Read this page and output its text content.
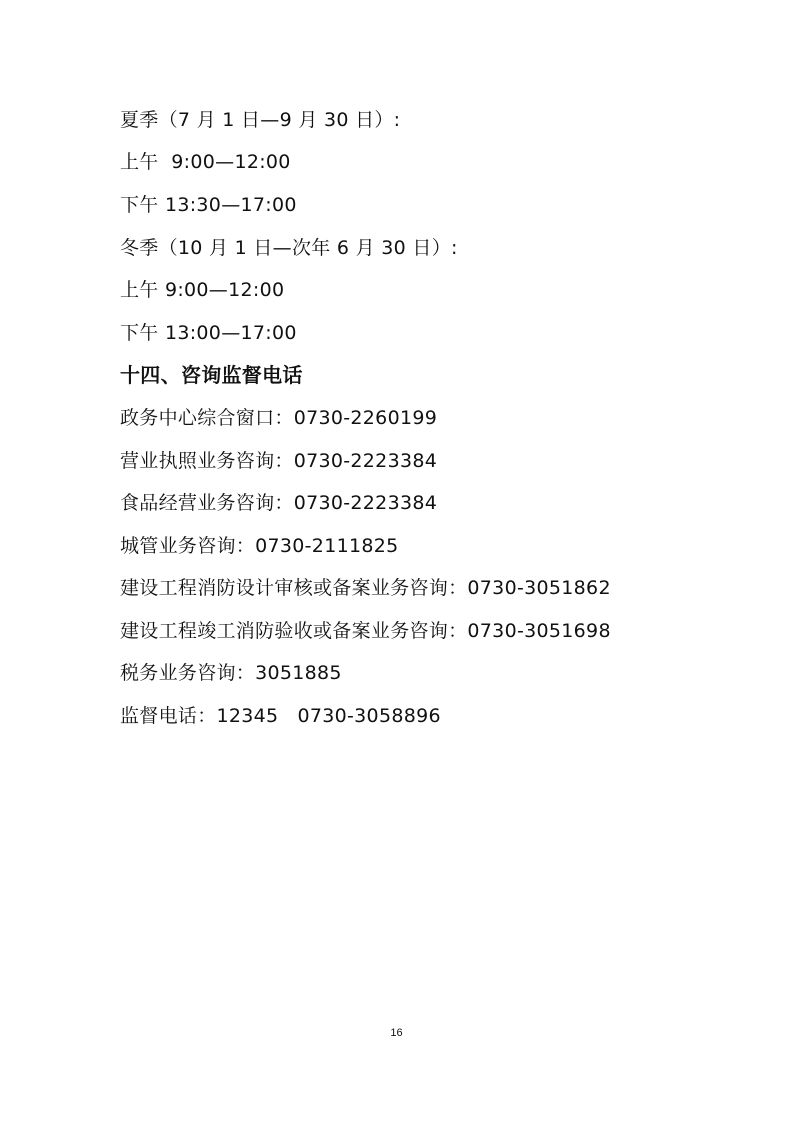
夏季（7 月 1 日—9 月 30 日）:
上午  9:00—12:00
下午 13:30—17:00
冬季（10 月 1 日—次年 6 月 30 日）:
上午 9:00—12:00
下午 13:00—17:00
十四、咨询监督电话
政务中心综合窗口：0730-2260199
营业执照业务咨询：0730-2223384
食品经营业务咨询：0730-2223384
城管业务咨询：0730-2111825
建设工程消防设计审核或备案业务咨询：0730-3051862
建设工程竣工消防验收或备案业务咨询：0730-3051698
税务业务咨询：3051885
监督电话：12345   0730-3058896
16
